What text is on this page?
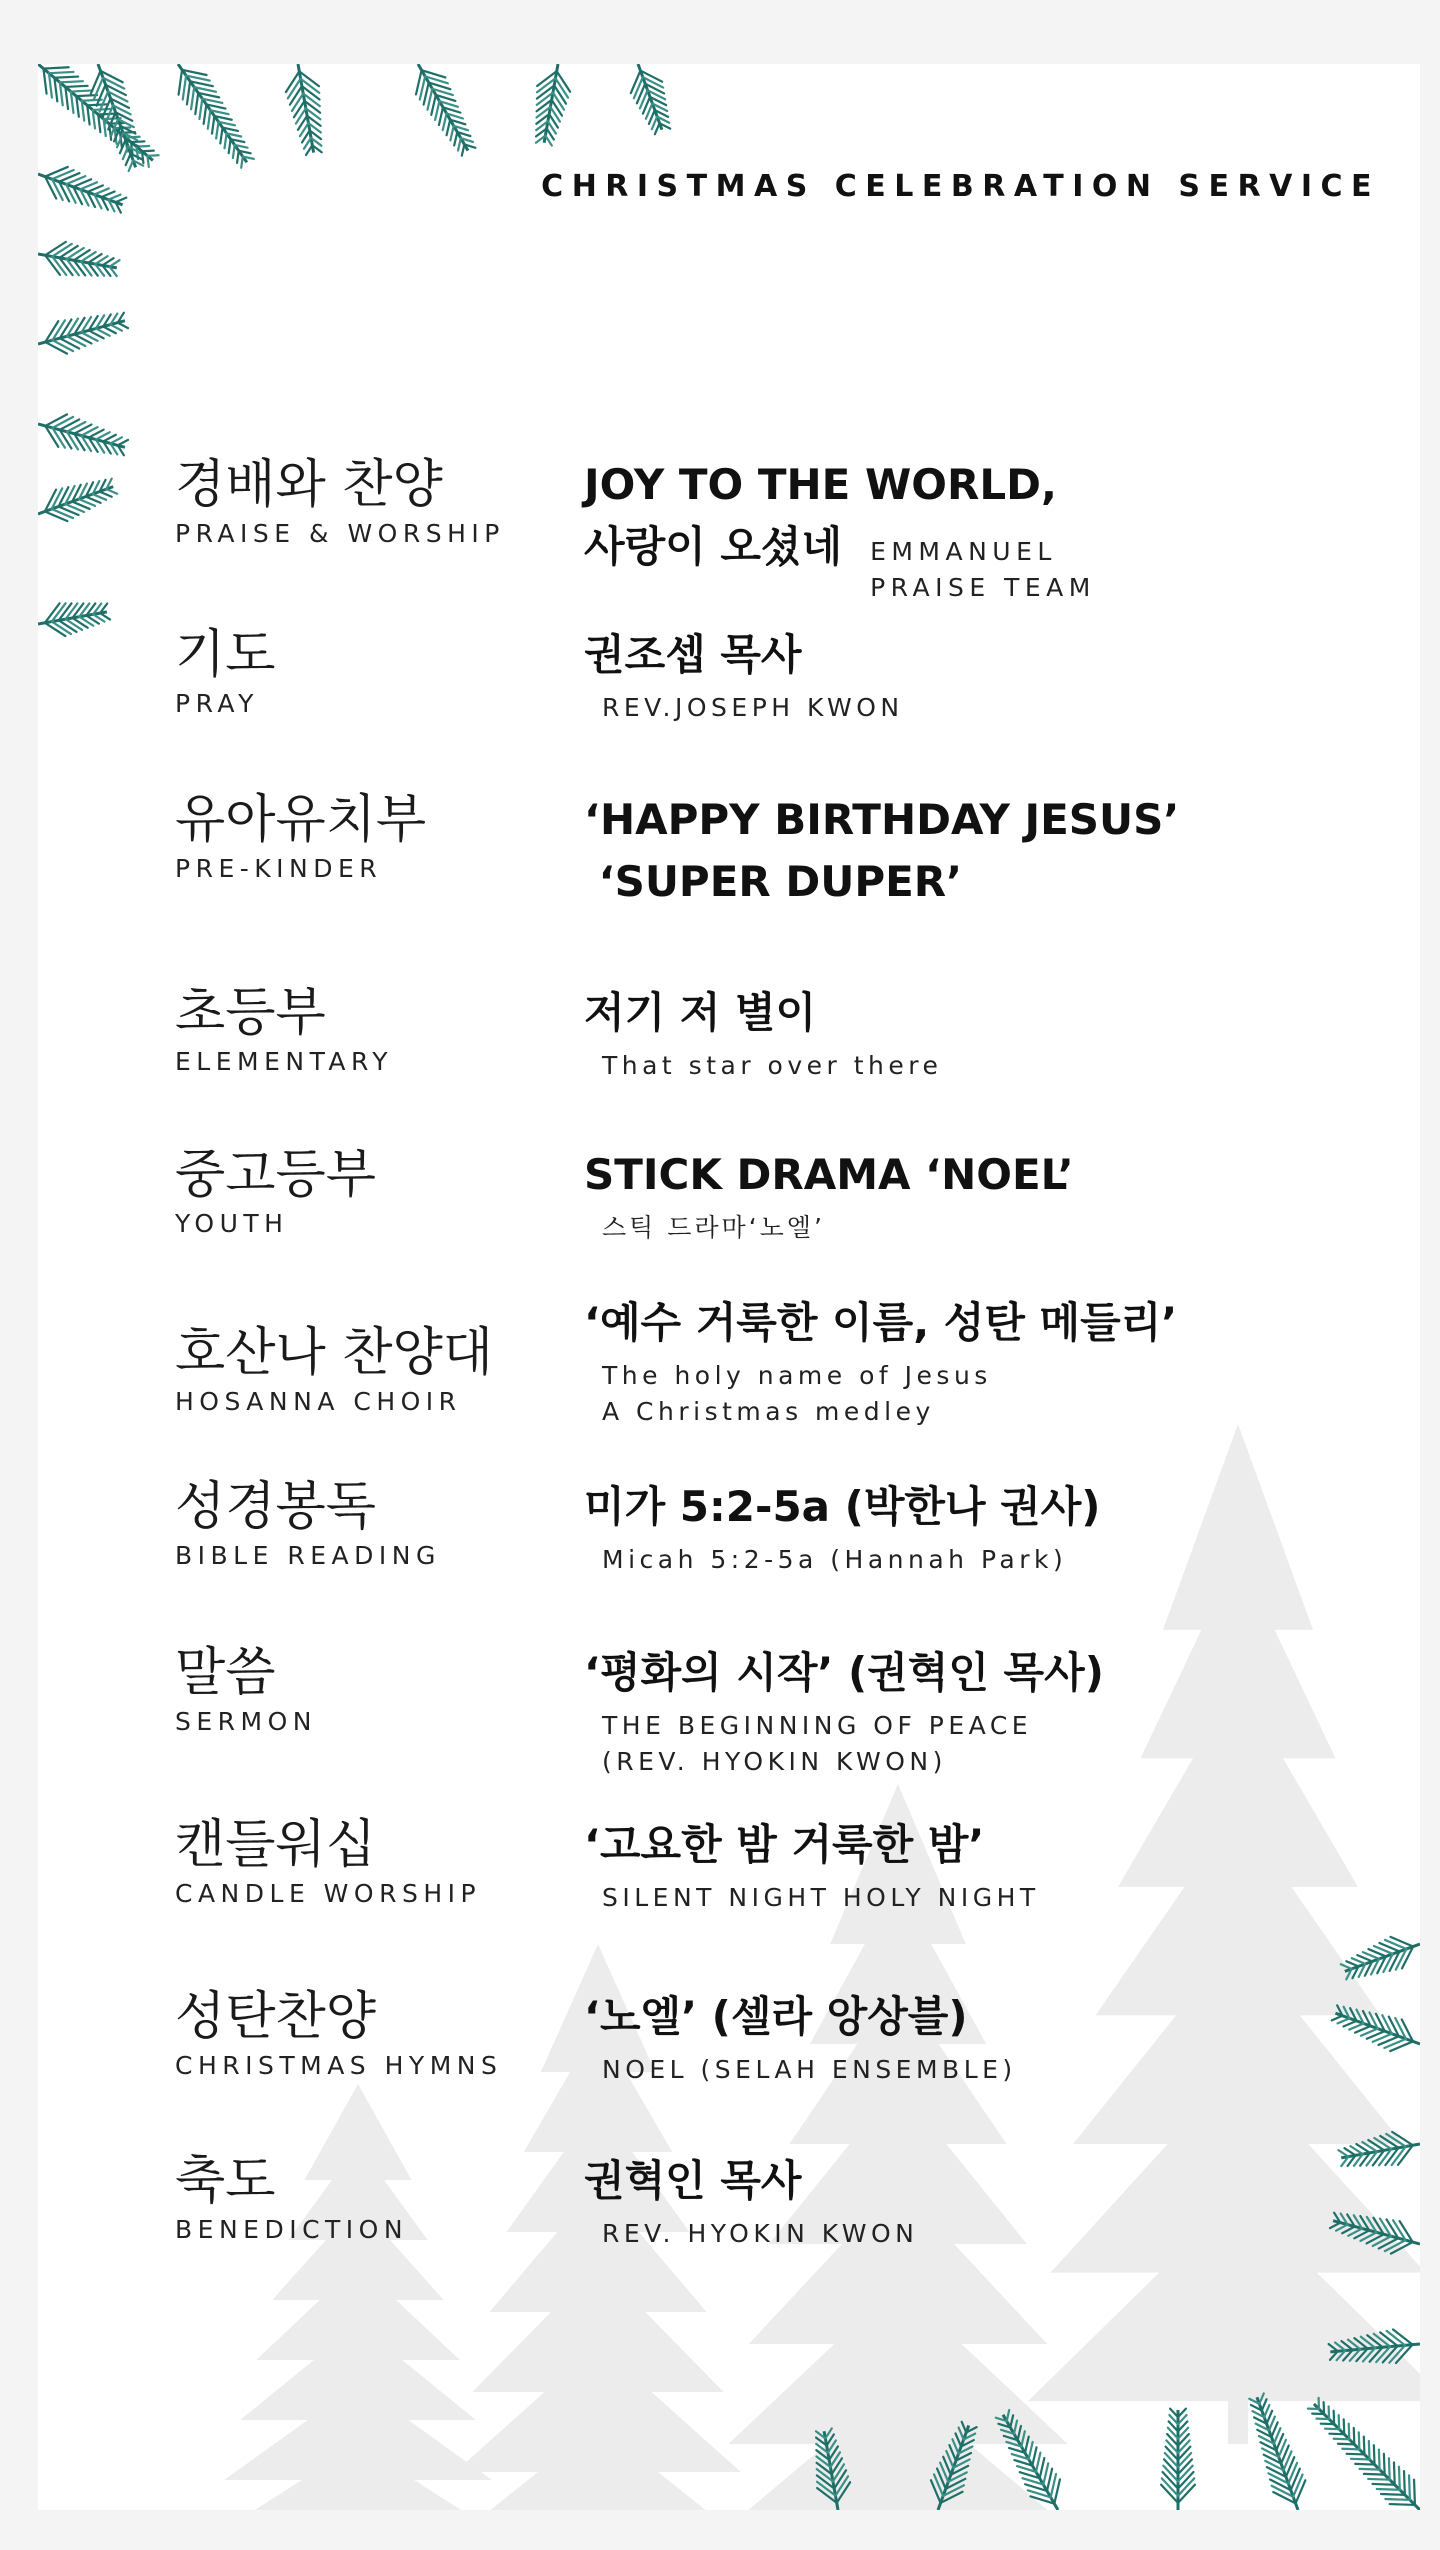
CHRISTMAS CELEBRATION SERVICE
경배와 찬양
PRAISE & WORSHIP
JOY TO THE WORLD,
사랑이 오셨네 EMMANUEL
PRAISE TEAM
기도
PRAY
권조셉 목사
REV.JOSEPH KWON
유아유치부
PRE-KINDER
‘HAPPY BIRTHDAY JESUS’
‘SUPER DUPER’
초등부
ELEMENTARY
저기 저 별이
That star over there
중고등부
YOUTH
STICK DRAMA ‘NOEL’
스틱 드라마‘노엘’
호산나 찬양대
HOSANNA CHOIR
‘예수 거룩한 이름, 성탄 메들리’
The holy name of Jesus
A Christmas medley
성경봉독
BIBLE READING
미가 5:2-5a (박한나 권사)
Micah 5:2-5a (Hannah Park)
말씀
SERMON
‘평화의 시작’ (권혁인 목사)
THE BEGINNING OF PEACE
(REV. HYOKIN KWON)
캔들워십
CANDLE WORSHIP
‘고요한 밤 거룩한 밤’
SILENT NIGHT HOLY NIGHT
성탄찬양
CHRISTMAS HYMNS
‘노엘’ (셀라 앙상블)
NOEL (SELAH ENSEMBLE)
축도
BENEDICTION
권혁인 목사
REV. HYOKIN KWON
